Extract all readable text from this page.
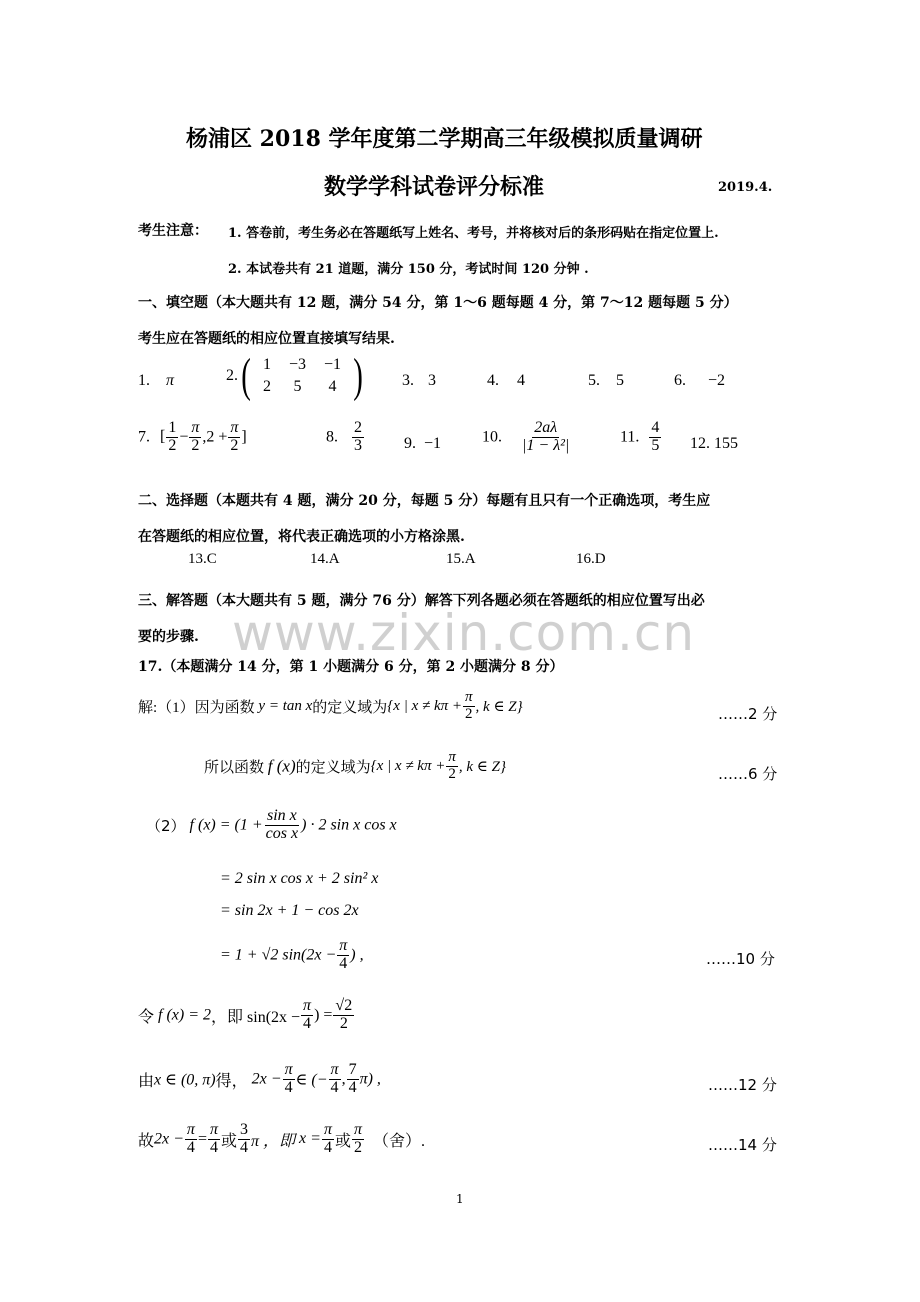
杨浦区 2018 学年度第二学期高三年级模拟质量调研
数学学科试卷评分标准	2019.4.
考生注意： 1. 答卷前，考生务必在答题纸写上姓名、考号，并将核对后的条形码贴在指定位置上.
2. 本试卷共有 21 道题，满分 150 分，考试时间 120 分钟 .
一、填空题（本大题共有 12 题，满分 54 分，第 1～6 题每题 4 分，第 7～12 题每题 5 分）
考生应在答题纸的相应位置直接填写结果.
1. π	2. ( 1	−3	−1
2	5	4 ) 3. 3	4. 4	5. 5	6. −2
7. [ $\frac{1}{2} - \frac{\pi}{2} ,2 + \frac{\pi}{2}$ ]	8. $\frac{2}{3}$	9. −1	10. $\frac{2a\lambda}{\text{|1 − λ²|}}$	11. $\frac{4}{5} 12$. 155
二、选择题（本题共有 4 题，满分 20 分，每题 5 分）每题有且只有一个正确选项，考生应
在答题纸的相应位置，将代表正确选项的小方格涂黑.
13.C	14.A	15.A	16.D
三、解答题（本大题共有 5 题，满分 76 分）解答下列各题必须在答题纸的相应位置写出必
要的步骤.
17.（本题满分 14 分，第 1 小题满分 6 分，第 2 小题满分 8 分）
www.zixin.com.cn
解:（1）因为函数 y = tan x的定义域为{x | $x \ne k\pi + \frac{\pi}{2}$ , k ∈ Z}	……2 分
所以函数 f (x)的定义域为{x | $x \ne k\pi + \frac{\pi}{2}$ , k ∈ Z}	……6 分
（2） f $(x) = (1 + \frac{\text{sin x}}{\text{cos x}}$ ) · 2 sin x cos x
= 2 sin x cos x + 2 sin² x
= sin 2x + 1 − cos 2x
= 1 + √2 $\sin(2x - \frac{\pi}{4}$ ) ,	……10 分
令 f (x) = 2，即 $\sin(2x - \frac{\pi}{4}$ ) = $\frac{√2}{2}$
由x ∈ (0, π)得， $2x - \frac{\pi}{4}$ ∈ (− $\frac{\pi}{4}$ , $\frac{7}{4} \pi$) ,	……12 分
故$2x - \frac{\pi}{4} = \frac{\pi}{4}$ 或 $\frac{3}{4}$ π ，即 $x = \frac{\pi}{4}$ 或 $\frac{\pi}{2}$ （舍）.	……14 分
1
